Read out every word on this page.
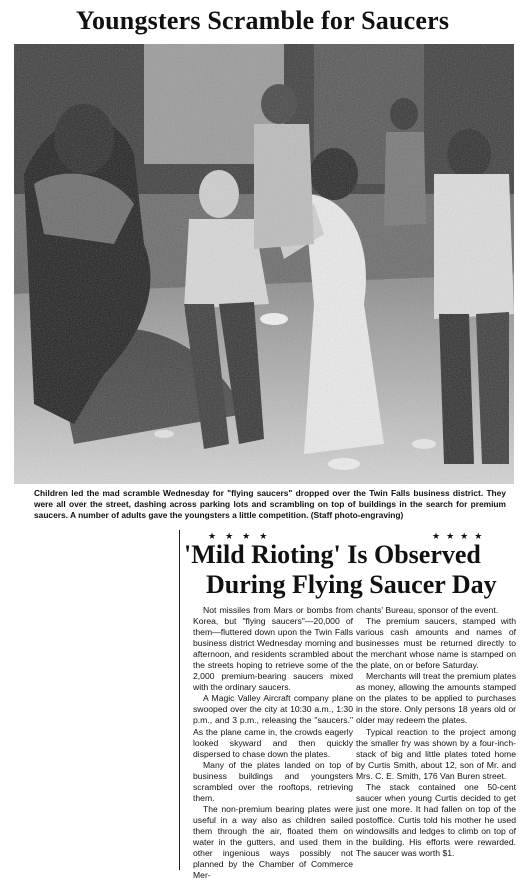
Youngsters Scramble for Saucers

Children led the mad scramble Wednesday for "flying saucers" dropped over the Twin Falls business district. They were all over the street, dashing across parking lots and scrambling on top of buildings in the search for premium saucers. A number of adults gave the youngsters a little competition. (Staff photo-engraving)

★★★★	★★★★
'Mild Rioting' Is Observed
During Flying Saucer Day

Not missiles from Mars or bombs from Korea, but "flying saucers"—20,000 of them—fluttered down upon the Twin Falls business district Wednesday morning and afternoon, and residents scrambled about the streets hoping to retrieve some of the 2,000 premium-bearing saucers mixed with the ordinary saucers.

A Magic Valley Aircraft company plane swooped over the city at 10:30 a.m., 1:30 p.m., and 3 p.m., releasing the "saucers." As the plane came in, the crowds eagerly looked skyward and then quickly dispersed to chase down the plates.

Many of the plates landed on top of business buildings and youngsters scrambled over the rooftops, retrieving them.

The non-premium bearing plates were useful in a way also as children sailed them through the air, floated them on water in the gutters, and used them in other ingenious ways possibly not planned by the Chamber of Commerce Mer-

chants' Bureau, sponsor of the event.

The premium saucers, stamped with various cash amounts and names of businesses must be returned directly to the merchant whose name is stamped on the plate, on or before Saturday.

Merchants will treat the premium plates as money, allowing the amounts stamped on the plates to be applied to purchases in the store. Only persons 18 years old or older may redeem the plates.

Typical reaction to the project among the smaller fry was shown by a four-inch-stack of big and little plates toted home by Curtis Smith, about 12, son of Mr. and Mrs. C. E. Smith, 176 Van Buren street.

The stack contained one 50-cent saucer when young Curtis decided to get just one more. It had fallen on top of the postoffice. Curtis told his mother he used windowsills and ledges to climb on top of the building. His efforts were rewarded. The saucer was worth $1.
